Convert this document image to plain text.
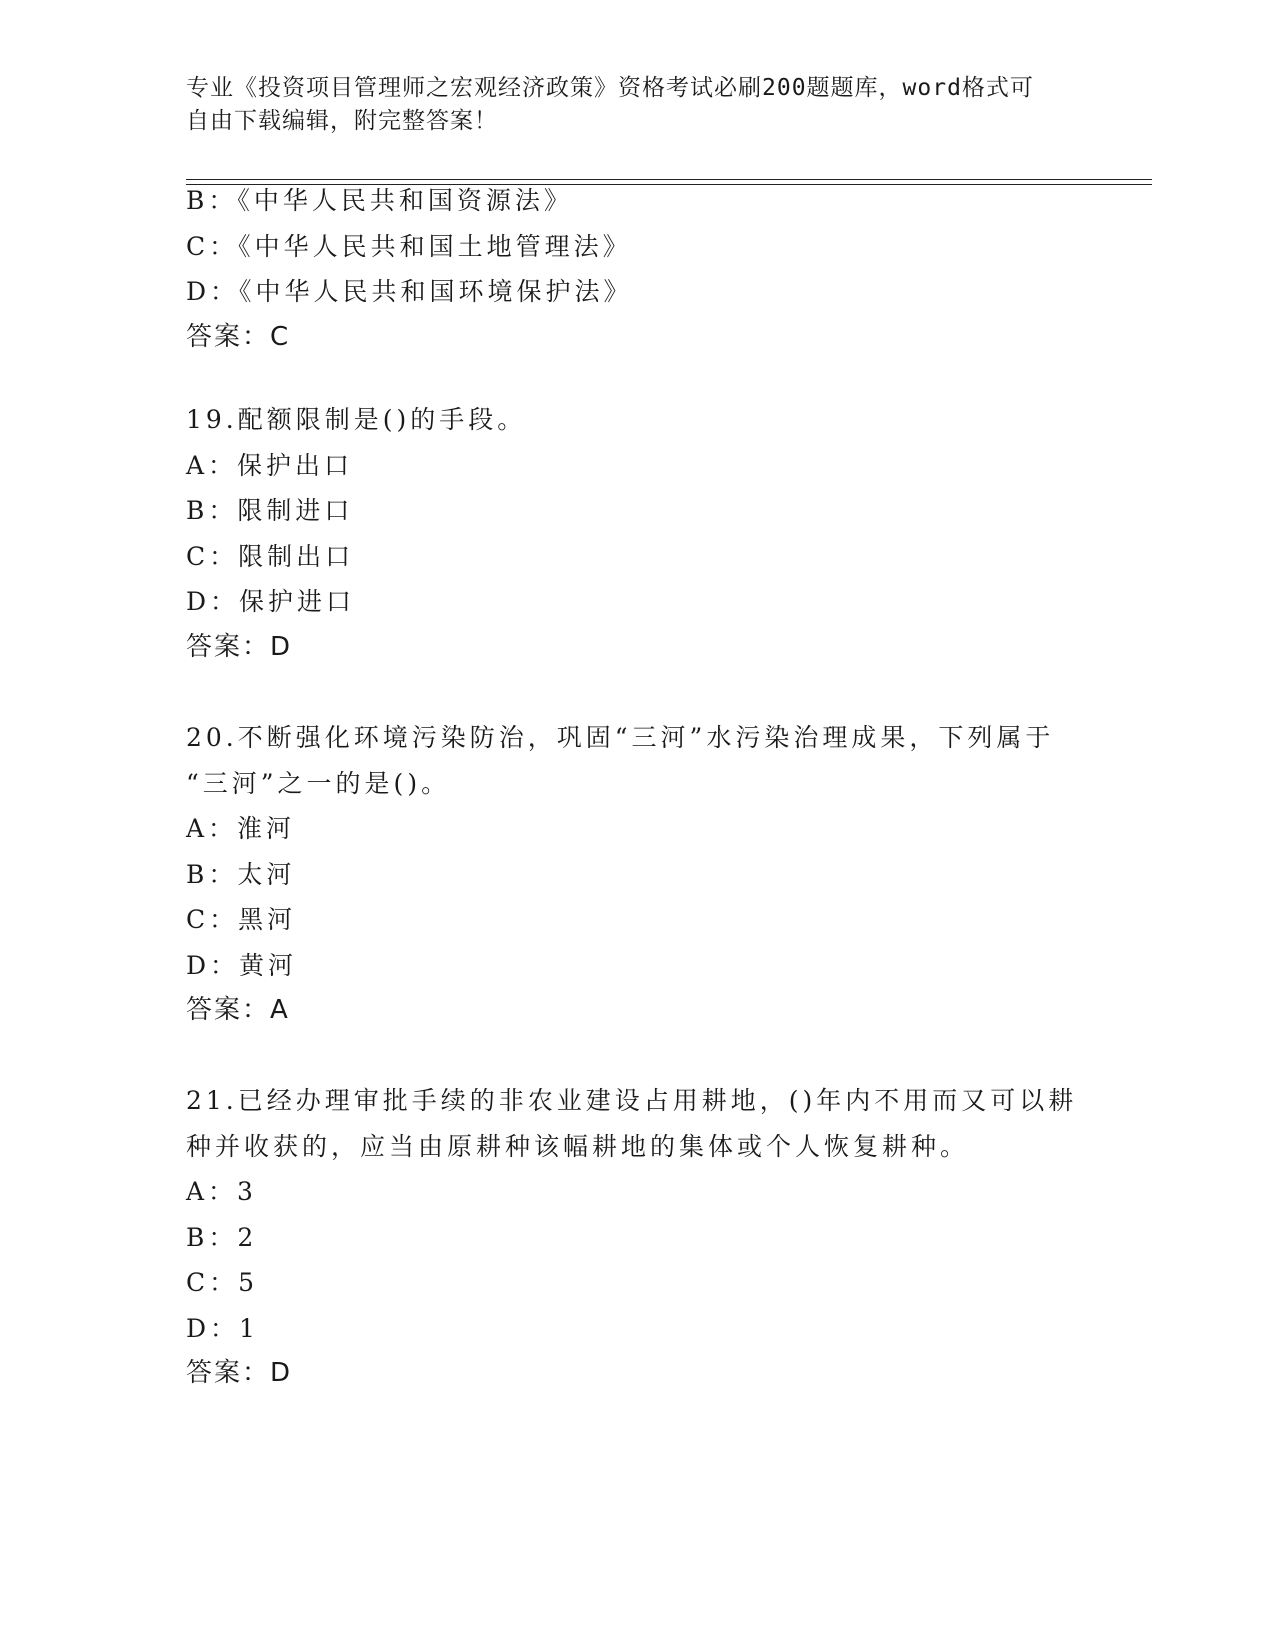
专业《投资项目管理师之宏观经济政策》资格考试必刷200题题库，word格式可
自由下载编辑，附完整答案！
B：《中华人民共和国资源法》
C：《中华人民共和国土地管理法》
D：《中华人民共和国环境保护法》
答案：C
19.配额限制是()的手段。
A：保护出口
B：限制进口
C：限制出口
D：保护进口
答案：D
20.不断强化环境污染防治，巩固“三河”水污染治理成果，下列属于
“三河”之一的是()。
A：淮河
B：太河
C：黑河
D：黄河
答案：A
21.已经办理审批手续的非农业建设占用耕地，()年内不用而又可以耕
种并收获的，应当由原耕种该幅耕地的集体或个人恢复耕种。
A：3
B：2
C：5
D：1
答案：D
